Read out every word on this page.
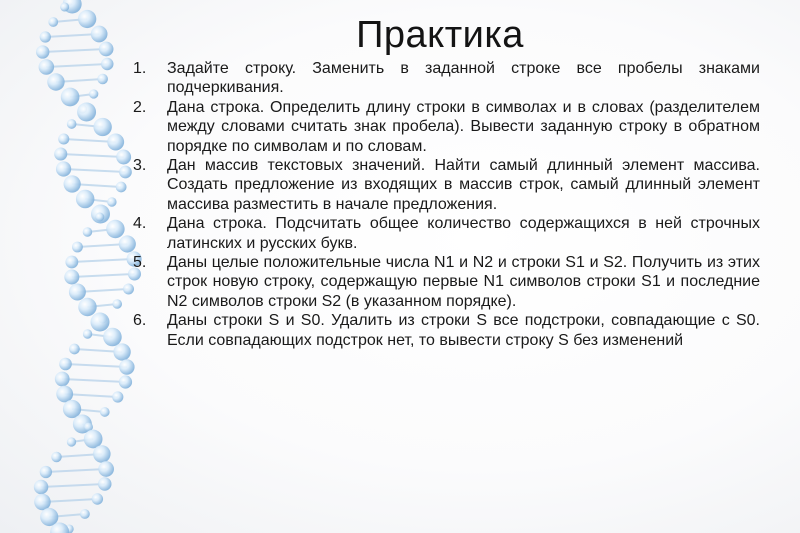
Практика
1. Задайте строку. Заменить в заданной строке все пробелы знаками подчеркивания.
2. Дана строка. Определить длину строки в символах и в словах (разделителем между словами считать знак пробела). Вывести заданную строку в обратном порядке по символам и по словам.
3. Дан массив текстовых значений. Найти самый длинный элемент массива. Создать предложение из входящих в массив строк, самый длинный элемент массива разместить в начале предложения.
4. Дана строка. Подсчитать общее количество содержащихся в ней строчных латинских и русских букв.
5. Даны целые положительные числа N1 и N2 и строки S1 и S2. Получить из этих строк новую строку, содержащую первые N1 символов строки S1 и последние N2 символов строки S2 (в указанном порядке).
6. Даны строки S и S0. Удалить из строки S все подстроки, совпадающие с S0. Если совпадающих подстрок нет, то вывести строку S без изменений
